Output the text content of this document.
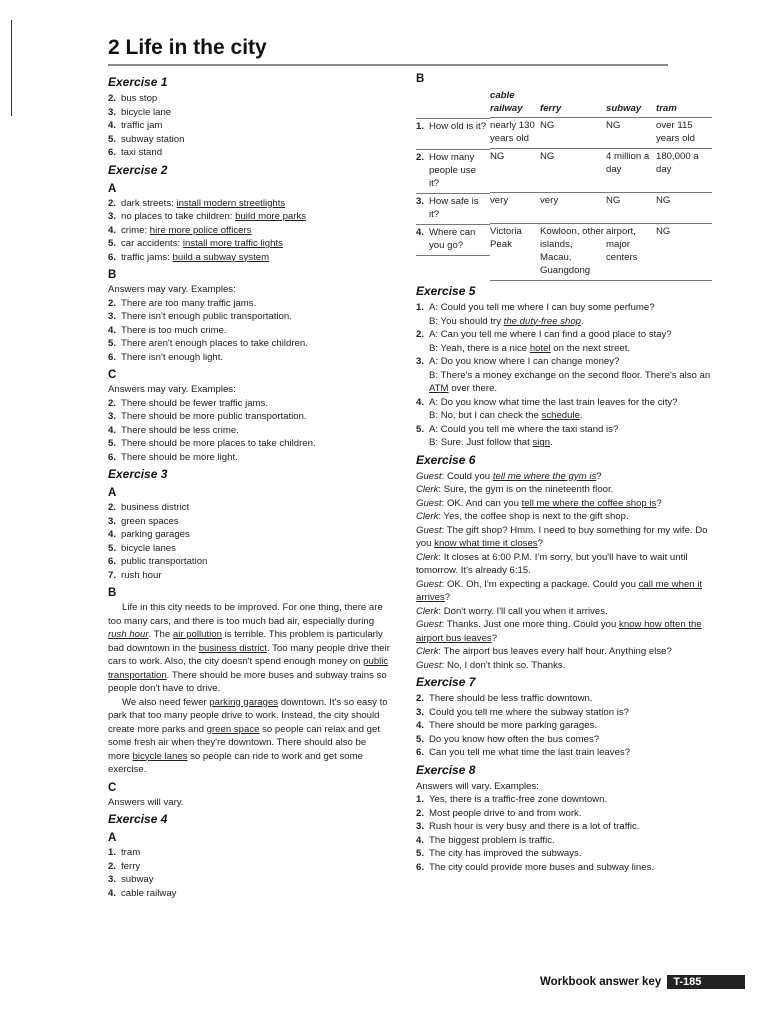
2 Life in the city
Exercise 1
2. bus stop
3. bicycle lane
4. traffic jam
5. subway station
6. taxi stand
Exercise 2
A
2. dark streets: install modern streetlights
3. no places to take children: build more parks
4. crime: hire more police officers
5. car accidents: install more traffic lights
6. traffic jams: build a subway system
B
Answers may vary. Examples:
2. There are too many traffic jams.
3. There isn't enough public transportation.
4. There is too much crime.
5. There aren't enough places to take children.
6. There isn't enough light.
C
Answers may vary. Examples:
2. There should be fewer traffic jams.
3. There should be more public transportation.
4. There should be less crime.
5. There should be more places to take children.
6. There should be more light.
Exercise 3
A
2. business district
3. green spaces
4. parking garages
5. bicycle lanes
6. public transportation
7. rush hour
B

Life in this city needs to be improved. For one thing, there are too many cars, and there is too much bad air, especially during rush hour. The air pollution is terrible. This problem is particularly bad downtown in the business district. Too many people drive their cars to work. Also, the city doesn't spend enough money on public transportation. There should be more buses and subway trains so people don't have to drive.

We also need fewer parking garages downtown. It's so easy to park that too many people drive to work. Instead, the city should create more parks and green space so people can relax and get some fresh air when they're downtown. There should also be more bicycle lanes so people can ride to work and get some exercise.

C
Answers will vary.
Exercise 4
A
1. tram
2. ferry
3. subway
4. cable railway
B
	cable railway	ferry	subway	tram

1. How old is it? nearly 130 years old	NG	NG	over 115 years old

2. How many people use it?
NG	NG	4 million a day	180,000 a day

3. How safe is it?
very	very	NG	NG

4. Where can you go?
Victoria Peak	Kowloon, other islands, Macau, Guangdong	airport, major centers	NG
Exercise 5
1. A: Could you tell me where I can buy some perfume?
B: You should try the duty-free shop.
2. A: Can you tell me where I can find a good place to stay?
B: Yeah, there is a nice hotel on the next street.
3. A: Do you know where I can change money?
B: There's a money exchange on the second floor. There's also an ATM over there.
4. A: Do you know what time the last train leaves for the city?
B: No, but I can check the schedule.
5. A: Could you tell me where the taxi stand is?
B: Sure. Just follow that sign.
Exercise 6
Guest: Could you tell me where the gym is?
Clerk: Sure, the gym is on the nineteenth floor.
Guest: OK. And can you tell me where the coffee shop is?
Clerk: Yes, the coffee shop is next to the gift shop.
Guest: The gift shop? Hmm. I need to buy something for my wife. Do you know what time it closes?
Clerk: It closes at 6:00 P.M. I'm sorry, but you'll have to wait until tomorrow. It's already 6:15.
Guest: OK. Oh, I'm expecting a package. Could you call me when it arrives?
Clerk: Don't worry. I'll call you when it arrives.
Guest: Thanks. Just one more thing. Could you know how often the airport bus leaves?
Clerk: The airport bus leaves every half hour. Anything else?
Guest: No, I don't think so. Thanks.
Exercise 7
2. There should be less traffic downtown.
3. Could you tell me where the subway station is?
4. There should be more parking garages.
5. Do you know how often the bus comes?
6. Can you tell me what time the last train leaves?
Exercise 8
Answers will vary. Examples:
1. Yes, there is a traffic-free zone downtown.
2. Most people drive to and from work.
3. Rush hour is very busy and there is a lot of traffic.
4. The biggest problem is traffic.
5. The city has improved the subways.
6. The city could provide more buses and subway lines.
Workbook answer key	T-185
